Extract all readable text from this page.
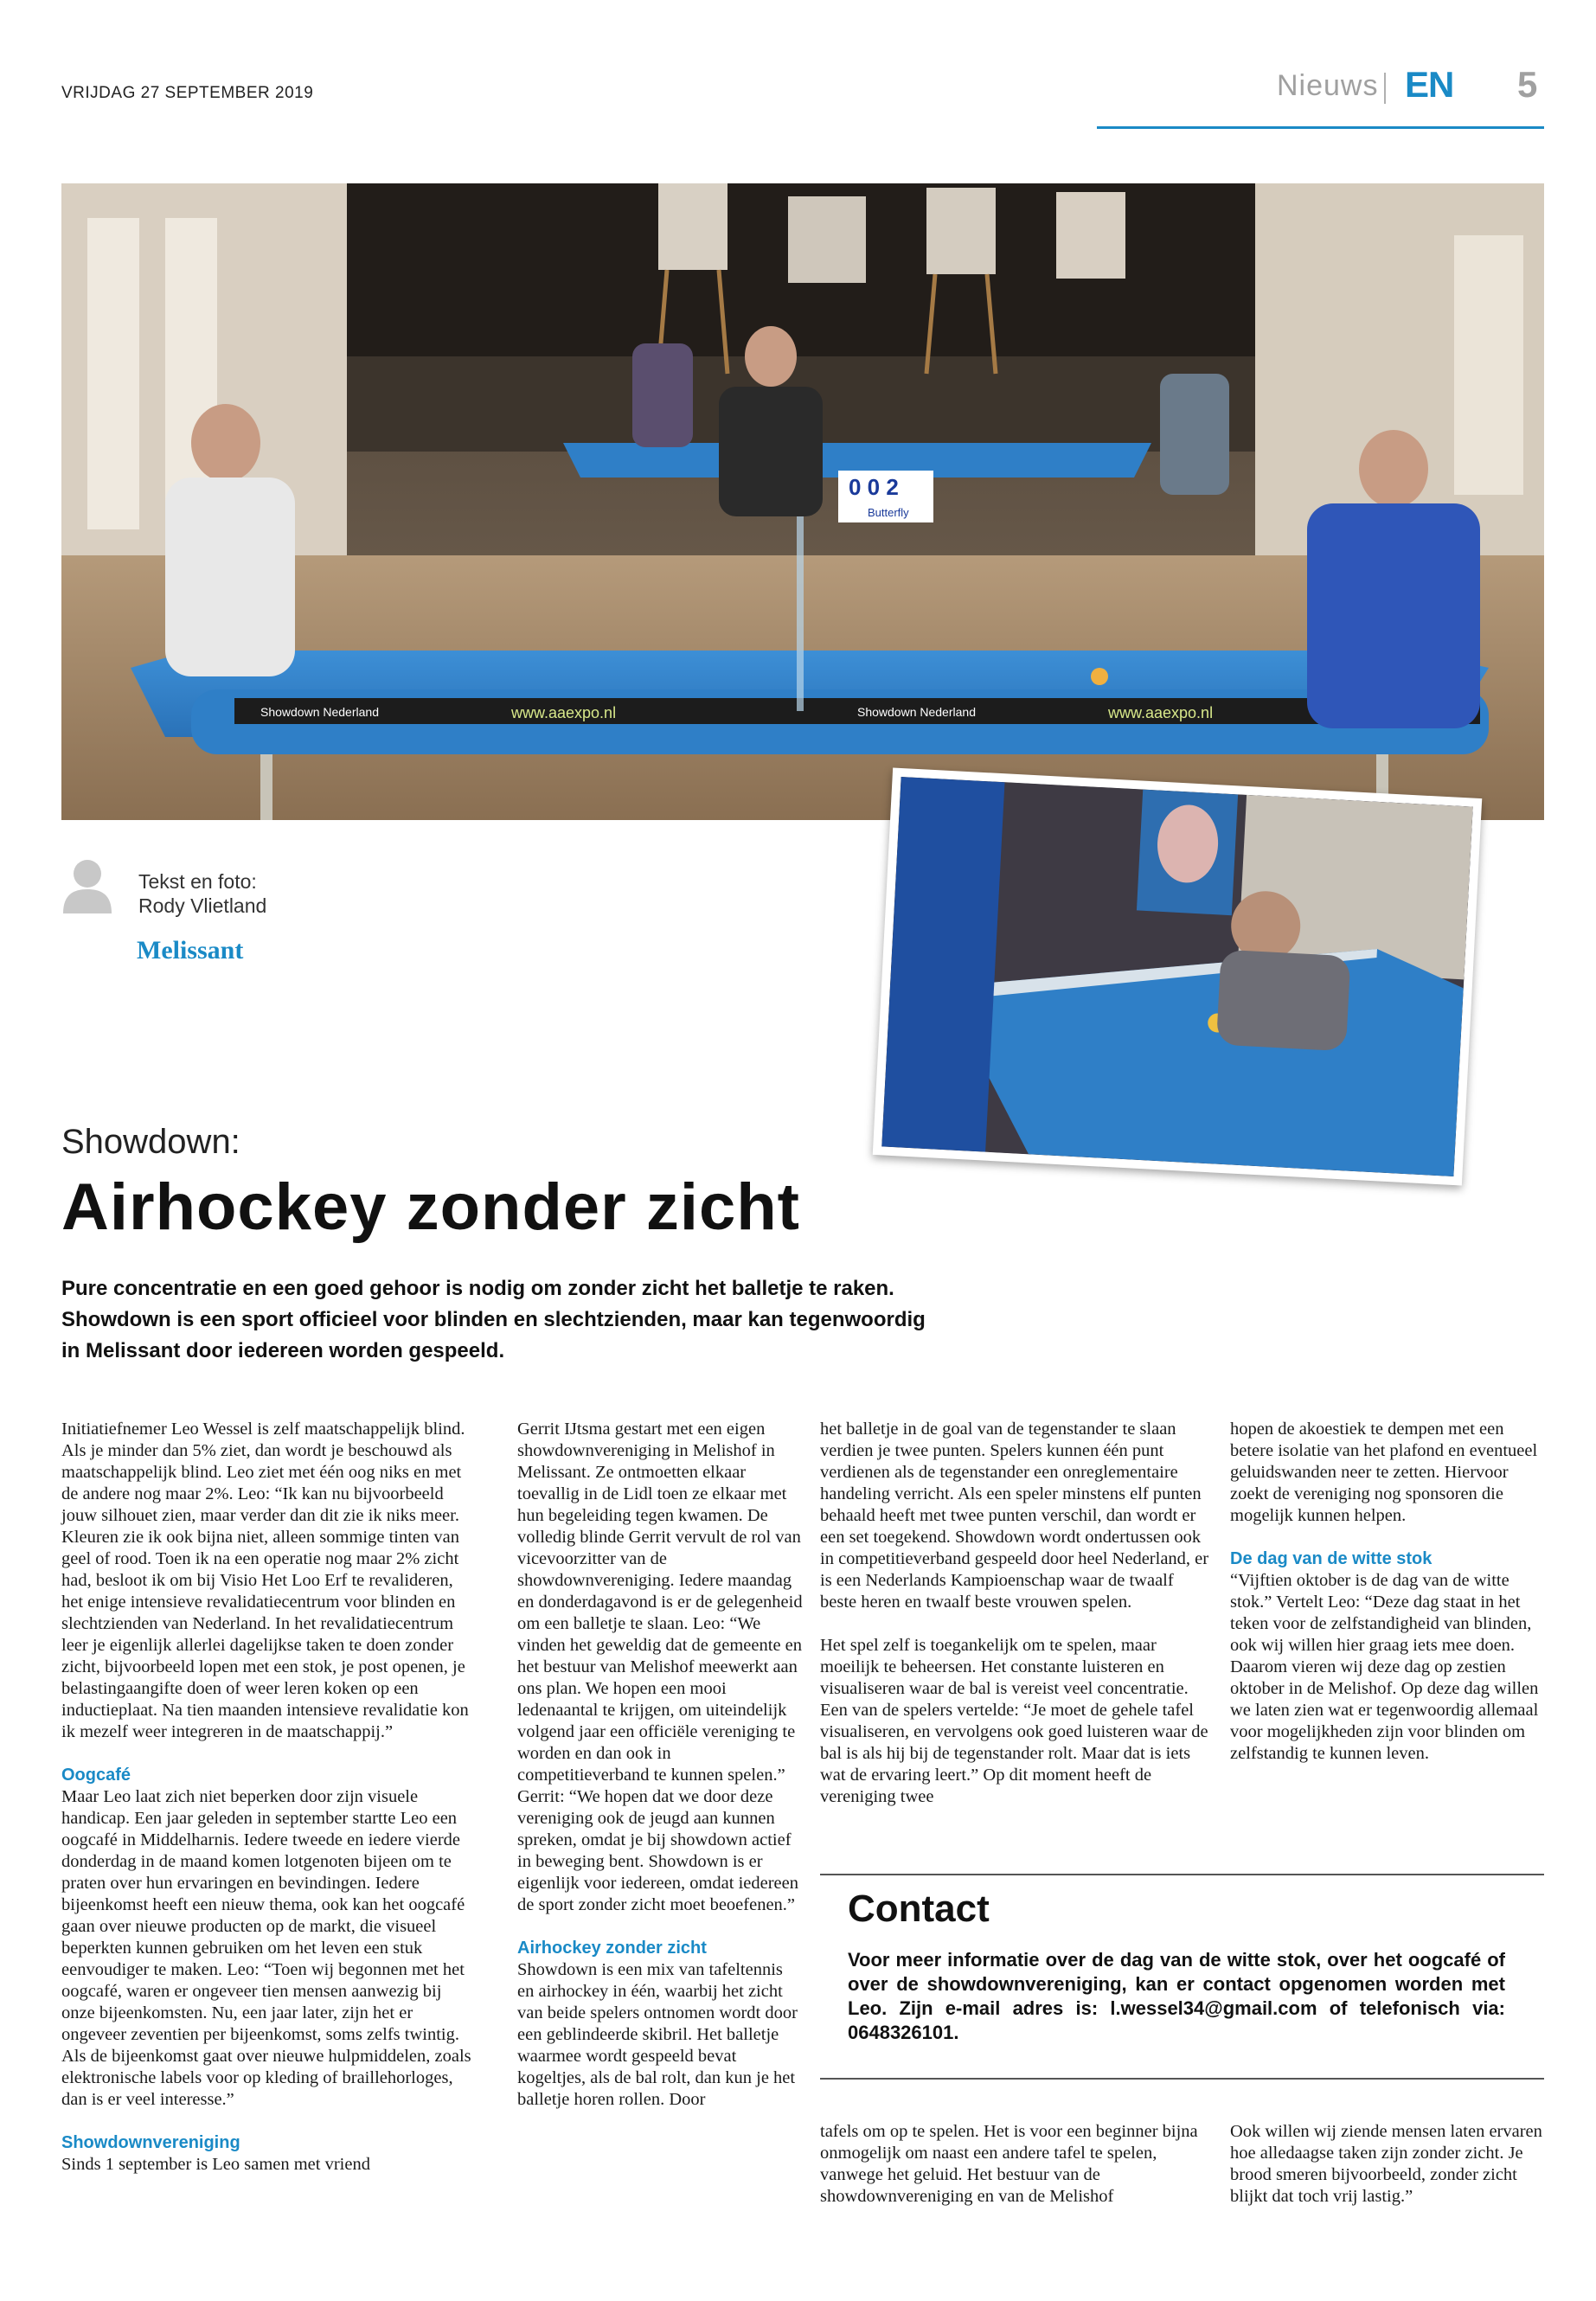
VRIJDAG 27 SEPTEMBER 2019	Nieuws EN 5
Showdown Nederland	www.aaexpo.nl	Showdown Nederland	www.aaexpo.nl
0 0 2
Butterfly
Tekst en foto:
Rody Vlietland
Melissant
Showdown:
Airhockey zonder zicht
Pure concentratie en een goed gehoor is nodig om zonder zicht het balletje te raken. Showdown is een sport officieel voor blinden en slechtzienden, maar kan tegenwoordig in Melissant door iedereen worden gespeeld.

Initiatiefnemer Leo Wessel is zelf maatschappelijk blind. Als je minder dan 5% ziet, dan wordt je beschouwd als maatschappelijk blind. Leo ziet met één oog niks en met de andere nog maar 2%. Leo: “Ik kan nu bijvoorbeeld jouw silhouet zien, maar verder dan dit zie ik niks meer. Kleuren zie ik ook bijna niet, alleen sommige tinten van geel of rood. Toen ik na een operatie nog maar 2% zicht had, besloot ik om bij Visio Het Loo Erf te revalideren, het enige intensieve revalidatiecentrum voor blinden en slechtzienden van Nederland. In het revalidatiecentrum leer je eigenlijk allerlei dagelijkse taken te doen zonder zicht, bijvoorbeeld lopen met een stok, je post openen, je belastingaangifte doen of weer leren koken op een inductieplaat. Na tien maanden intensieve revalidatie kon ik mezelf weer integreren in de maatschappij.”

Oogcafé

Maar Leo laat zich niet beperken door zijn visuele handicap. Een jaar geleden in september startte Leo een oogcafé in Middelharnis. Iedere tweede en iedere vierde donderdag in de maand komen lotgenoten bijeen om te praten over hun ervaringen en bevindingen. Iedere bijeenkomst heeft een nieuw thema, ook kan het oogcafé gaan over nieuwe producten op de markt, die visueel beperkten kunnen gebruiken om het leven een stuk eenvoudiger te maken. Leo: “Toen wij begonnen met het oogcafé, waren er ongeveer tien mensen aanwezig bij onze bijeenkomsten. Nu, een jaar later, zijn het er ongeveer zeventien per bijeenkomst, soms zelfs twintig. Als de bijeenkomst gaat over nieuwe hulpmiddelen, zoals elektronische labels voor op kleding of braillehorloges, dan is er veel interesse.”

Showdownvereniging

Sinds 1 september is Leo samen met vriend

Gerrit IJtsma gestart met een eigen showdownvereniging in Melishof in Melissant. Ze ontmoetten elkaar toevallig in de Lidl toen ze elkaar met hun begeleiding tegen kwamen. De volledig blinde Gerrit vervult de rol van vicevoorzitter van de showdownvereniging. Iedere maandag en donderdagavond is er de gelegenheid om een balletje te slaan. Leo: “We vinden het geweldig dat de gemeente en het bestuur van Melishof meewerkt aan ons plan. We hopen een mooi ledenaantal te krijgen, om uiteindelijk volgend jaar een officiële vereniging te worden en dan ook in competitieverband te kunnen spelen.” Gerrit: “We hopen dat we door deze vereniging ook de jeugd aan kunnen spreken, omdat je bij showdown actief in beweging bent. Showdown is er eigenlijk voor iedereen, omdat iedereen de sport zonder zicht moet beoefenen.”

Airhockey zonder zicht

Showdown is een mix van tafeltennis en airhockey in één, waarbij het zicht van beide spelers ontnomen wordt door een geblindeerde skibril. Het balletje waarmee wordt gespeeld bevat kogeltjes, als de bal rolt, dan kun je het balletje horen rollen. Door

het balletje in de goal van de tegenstander te slaan verdien je twee punten. Spelers kunnen één punt verdienen als de tegenstander een onreglementaire handeling verricht. Als een speler minstens elf punten behaald heeft met twee punten verschil, dan wordt er een set toegekend. Showdown wordt ondertussen ook in competitieverband gespeeld door heel Nederland, er is een Nederlands Kampioenschap waar de twaalf beste heren en twaalf beste vrouwen spelen.

Het spel zelf is toegankelijk om te spelen, maar moeilijk te beheersen. Het constante luisteren en visualiseren waar de bal is vereist veel concentratie. Een van de spelers vertelde: “Je moet de gehele tafel visualiseren, en vervolgens ook goed luisteren waar de bal is als hij bij de tegenstander rolt. Maar dat is iets wat de ervaring leert.” Op dit moment heeft de vereniging twee

hopen de akoestiek te dempen met een betere isolatie van het plafond en eventueel geluidswanden neer te zetten. Hiervoor zoekt de vereniging nog sponsoren die mogelijk kunnen helpen.

De dag van de witte stok

“Vijftien oktober is de dag van de witte stok.” Vertelt Leo: “Deze dag staat in het teken voor de zelfstandigheid van blinden, ook wij willen hier graag iets mee doen. Daarom vieren wij deze dag op zestien oktober in de Melishof. Op deze dag willen we laten zien wat er tegenwoordig allemaal voor mogelijkheden zijn voor blinden om zelfstandig te kunnen leven.

Contact
Voor meer informatie over de dag van de witte stok, over het oogcafé of over de showdownvereniging, kan er contact opgenomen worden met Leo. Zijn e-mail adres is: l.wessel34@gmail.com of telefonisch via: 0648326101.

tafels om op te spelen. Het is voor een beginner bijna onmogelijk om naast een andere tafel te spelen, vanwege het geluid. Het bestuur van de showdownvereniging en van de Melishof

Ook willen wij ziende mensen laten ervaren hoe alledaagse taken zijn zonder zicht. Je brood smeren bijvoorbeeld, zonder zicht blijkt dat toch vrij lastig.”
